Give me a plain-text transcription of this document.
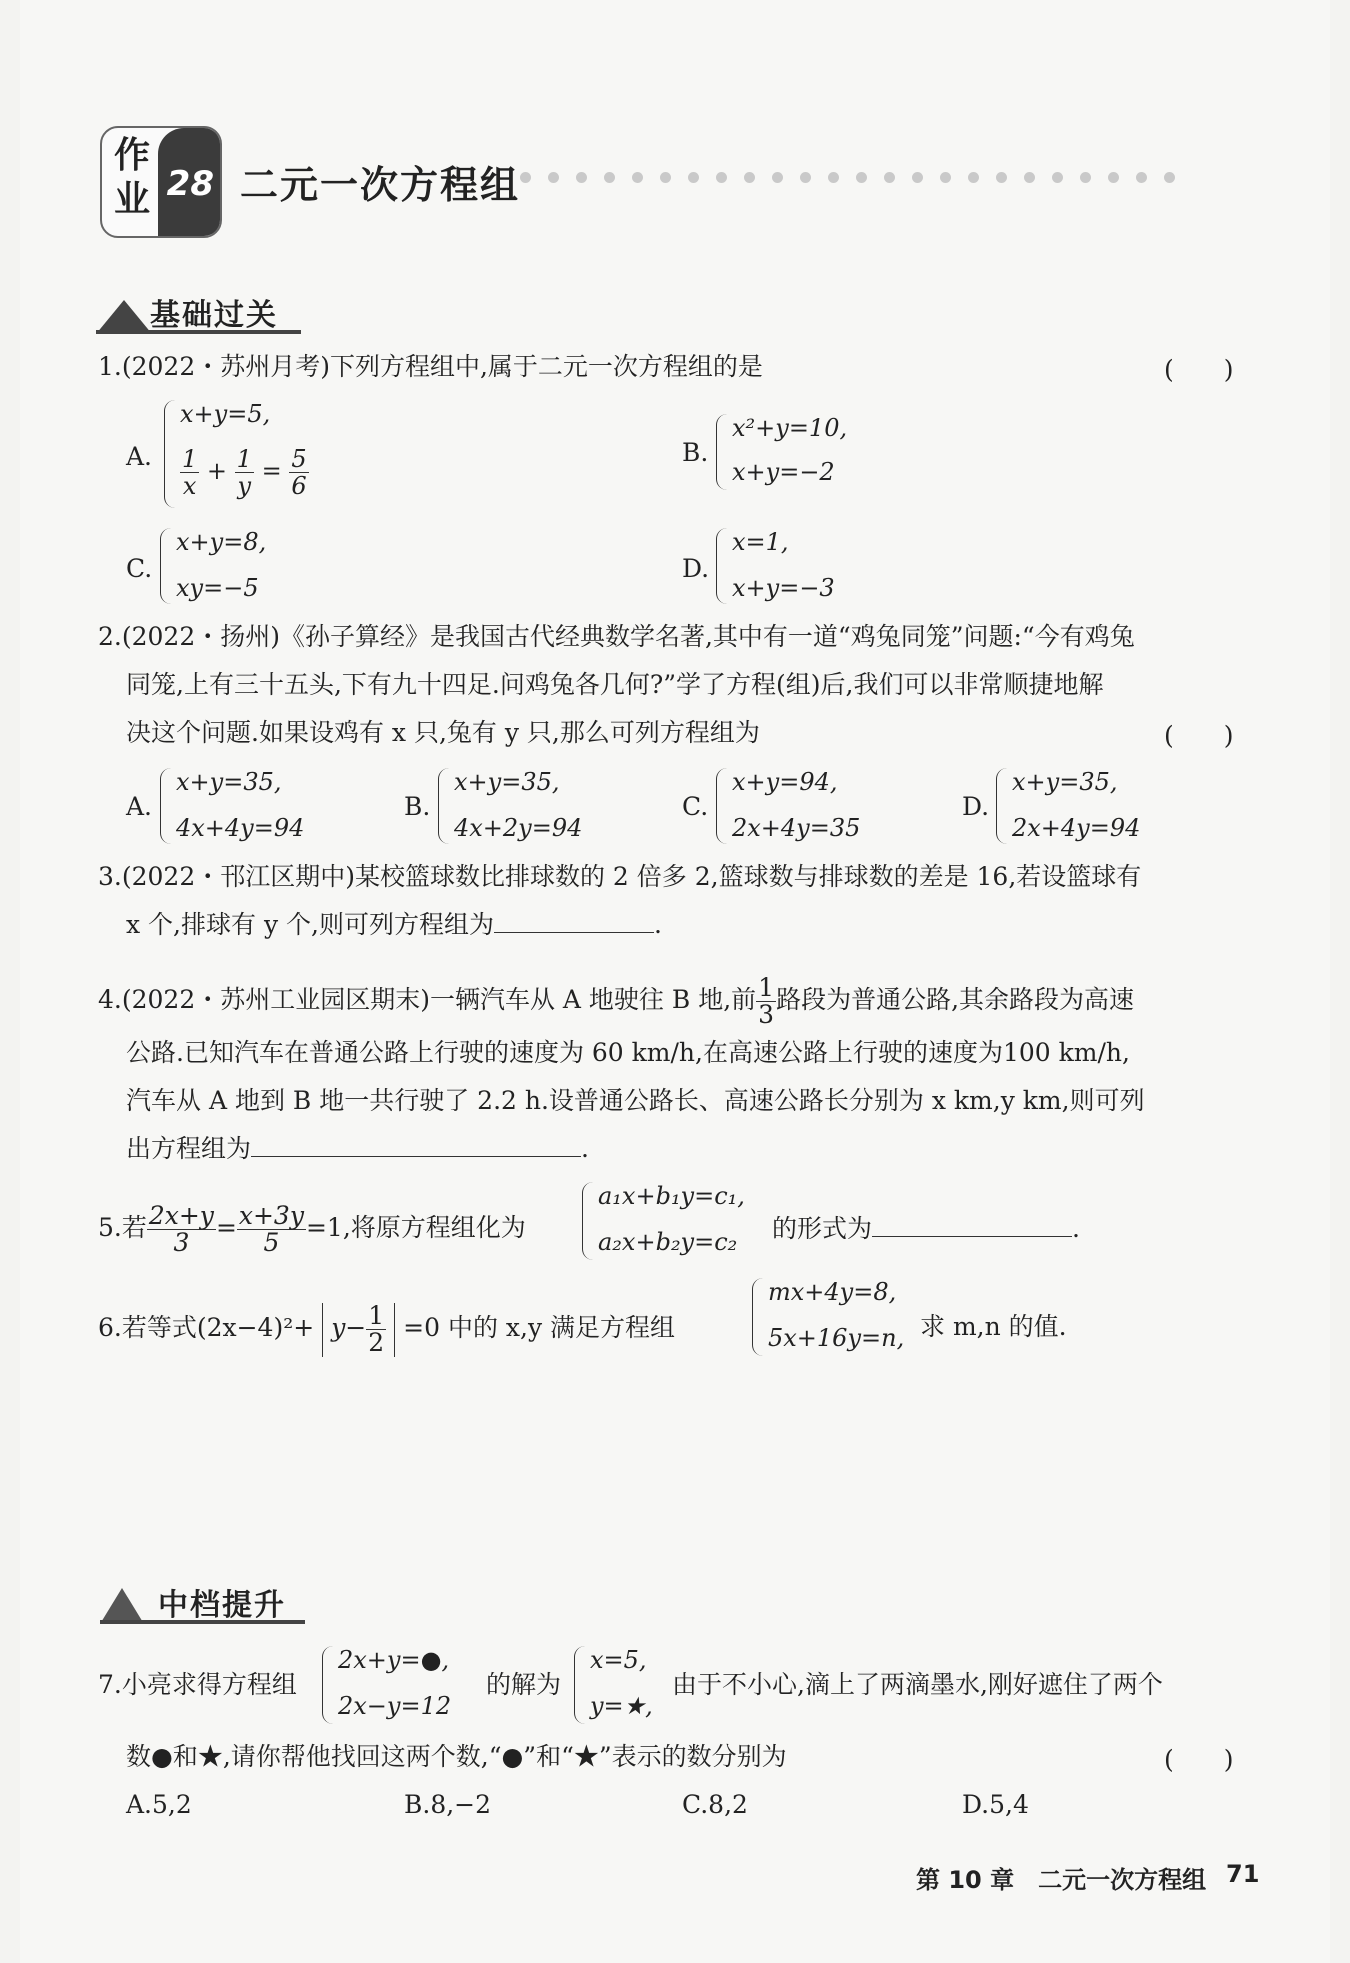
作
业 28 二元一次方程组
基础过关
1.(2022・苏州月考)下列方程组中,属于二元一次方程组的是	(　　)
A.
x+y=5,
$\frac{1}{x} + \frac{1}{y} = \frac{5}{6}$	B.
x²+y=10,
x+y=−2
C.
x+y=8,
xy=−5
D.
x=1,
x+y=−3
2.(2022・扬州)《孙子算经》是我国古代经典数学名著,其中有一道“鸡兔同笼”问题:“今有鸡兔
同笼,上有三十五头,下有九十四足.问鸡兔各几何?”学了方程(组)后,我们可以非常顺捷地解
决这个问题.如果设鸡有 x 只,兔有 y 只,那么可列方程组为	(　　)
A.
x+y=35,
4x+4y=94
B.
x+y=35,
4x+2y=94
C.
x+y=94,
2x+4y=35
D.
x+y=35,
2x+4y=94
3.(2022・邗江区期中)某校篮球数比排球数的 2 倍多 2,篮球数与排球数的差是 16,若设篮球有
x 个,排球有 y 个,则可列方程组为	.
4.(2022・苏州工业园区期末)一辆汽车从 A 地驶往 B 地,前 $\frac{1}{3}$ 路段为普通公路,其余路段为高速
公路.已知汽车在普通公路上行驶的速度为 60 km/h,在高速公路上行驶的速度为100 km/h,
汽车从 A 地到 B 地一共行驶了 2.2 h.设普通公路长、高速公路长分别为 x km,y km,则可列
出方程组为	.
5.若 $\frac{2x+y}{3} = \frac{x+3y}{5} =1$,将原方程组化为
a₁x+b₁y=c₁,
a₂x+b₂y=c₂ 的形式为	.
6.若等式$(2x-4)^2+ y- \frac{1}{2} =0$ 中的 x,y 满足方程组
mx+4y=8,
5x+16y=n, 求 m,n 的值.
中档提升
7.小亮求得方程组
2x+y=●,
2x−y=12
的解为
x=5,
y=★,
由于不小心,滴上了两滴墨水,刚好遮住了两个
数●和★,请你帮他找回这两个数,“●”和“★”表示的数分别为	(　　)
A.5,2	B.8,−2	C.8,2	D.5,4
第 10 章　二元一次方程组 71
